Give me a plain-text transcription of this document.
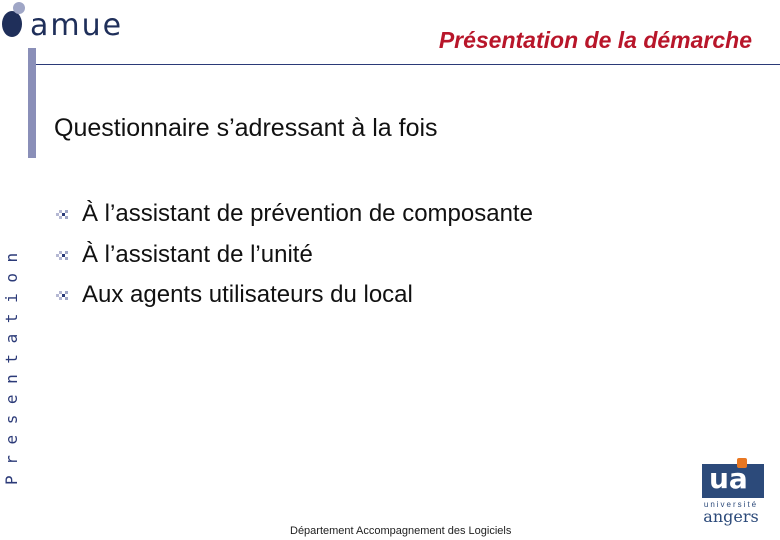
amue	Présentation de la démarche
Presentation
Questionnaire s’adressant à la fois
À l’assistant de prévention de composante
À l’assistant de l’unité
Aux agents utilisateurs du local
ua
université
angers
Département Accompagnement des Logiciels
